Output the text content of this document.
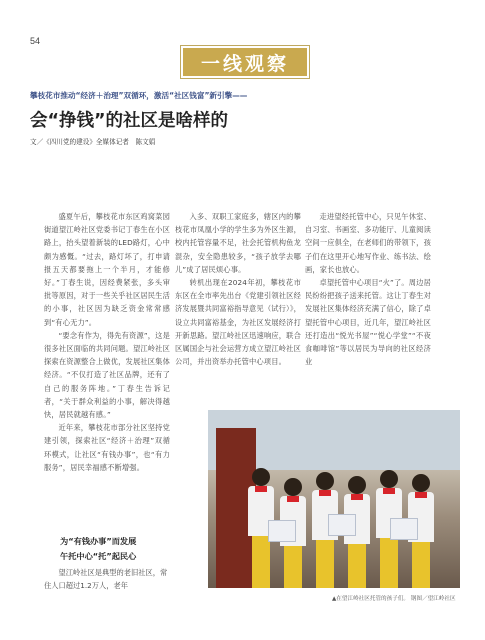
54
一线观察
攀枝花市推动“经济＋治理”双循环，激活“社区钱富”新引擎——
会“挣钱”的社区是啥样的
文／《四川党的建设》全媒体记者　陈文娟

盛夏午后，攀枝花市东区鸡窝菜园街道望江岭社区党委书记丁春生在小区路上，抬头望着新装的LED路灯，心中颇为感慨。“过去，路灯坏了，打申请报五天都要拖上一个半月，才能修好。”丁春生说，因经费紧张，多头审批等原因，对于一些关乎社区居民生活的小事，社区因为缺乏资金常常感到“有心无力”。

“要念有作为，得先有资源”，这是很多社区面临的共同问题。望江岭社区探索在资源整合上做优，发展社区集体经济。“不仅打造了社区品牌，还有了自己的服务阵地。”丁春生告诉记者，“关于群众利益的小事，解决得越快，居民就越有感。”

近年来，攀枝花市部分社区坚持党建引领，探索社区“经济＋治理”双循环模式，让社区“有钱办事”，也“有力服务”，居民幸福感不断增强。

为“有钱办事”而发展
午托中心“托”起民心

望江岭社区是典型的老旧社区，常住人口超过1.2万人，老年

入多、双职工家庭多，辖区内的攀枝花市凤凰小学的学生多为外区生源，校内托管容量不足，社会托管机构鱼龙混杂，安全隐患较多，“孩子放学去哪儿”成了居民烦心事。

转机出现在2024年初，攀枝花市东区在全市率先出台《党建引领社区经济发展暨共同富裕指导意见（试行）》，设立共同富裕基金，为社区发展经济打开新思路。望江岭社区迅速响应，联合区属国企与社会运营方成立望江岭社区公司，并出资举办托管中心项目。

走进望经托管中心，只见午休室、自习室、书画室、多功能厅、儿童阅读空间一应俱全，在老师们的带领下，孩子们在这里开心地写作业、练书法、绘画，家长也放心。

卓望托管中心项目“火”了。周边居民纷纷把孩子送来托管。这让丁春生对发展社区集体经济充满了信心，除了卓望托管中心项目，近几年，望江岭社区还打造出“悦光书屋”“悦心学堂”“不夜食咖啡馆”等以居民为导向的社区经济业

▲在望江岭社区托管的孩子们。 钢图／望江岭社区
